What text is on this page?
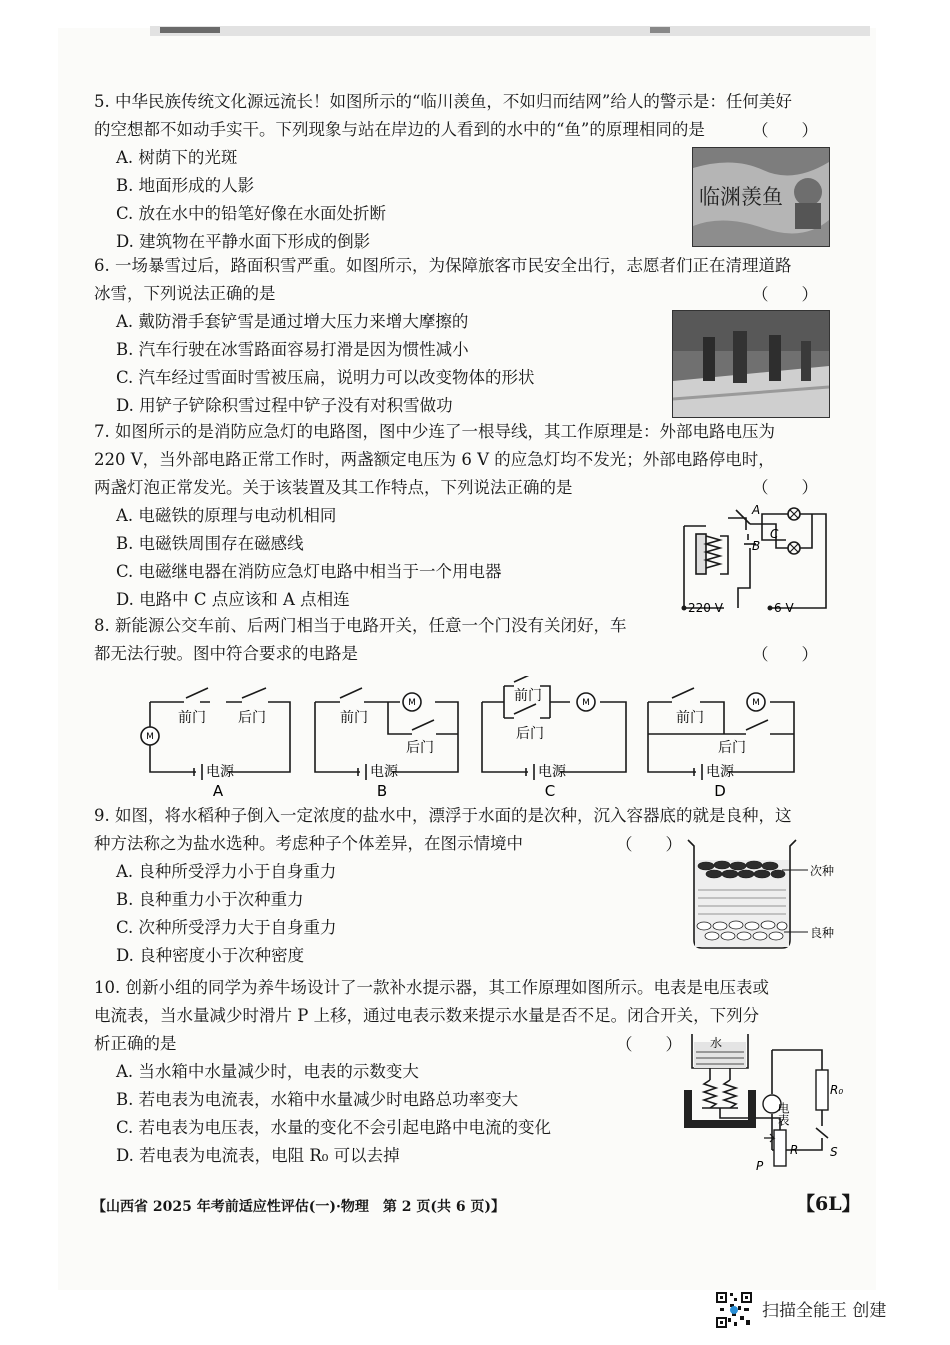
5. 中华民族传统文化源远流长！如图所示的“临川羡鱼，不如归而结网”给人的警示是：任何美好
的空想都不如动手实干。下列现象与站在岸边的人看到的水中的“鱼”的原理相同的是
A. 树荫下的光斑
B. 地面形成的人影
C. 放在水中的铅笔好像在水面处折断
D. 建筑物在平静水面下形成的倒影
（　　）
临渊羡鱼
6. 一场暴雪过后，路面积雪严重。如图所示，为保障旅客市民安全出行，志愿者们正在清理道路
冰雪，下列说法正确的是
A. 戴防滑手套铲雪是通过增大压力来增大摩擦的
B. 汽车行驶在冰雪路面容易打滑是因为惯性减小
C. 汽车经过雪面时雪被压扁，说明力可以改变物体的形状
D. 用铲子铲除积雪过程中铲子没有对积雪做功
（　　）
7. 如图所示的是消防应急灯的电路图，图中少连了一根导线，其工作原理是：外部电路电压为
220 V，当外部电路正常工作时，两盏额定电压为 6 V 的应急灯均不发光；外部电路停电时，
两盏灯泡正常发光。关于该装置及其工作特点，下列说法正确的是
A. 电磁铁的原理与电动机相同
B. 电磁铁周围存在磁感线
C. 电磁继电器在消防应急灯电路中相当于一个用电器
D. 电路中 C 点应该和 A 点相连
（　　）
A
B
C
220 V	6 V
8. 新能源公交车前、后两门相当于电路开关，任意一个门没有关闭好，车
都无法行驶。图中符合要求的电路是	（　　）
M
M	M	M
前门 后门
电源
前门
后门
电源
前门
后门
电源
前门
后门
电源
A	B	C	D
9. 如图，将水稻种子倒入一定浓度的盐水中，漂浮于水面的是次种，沉入容器底的就是良种，这
种方法称之为盐水选种。考虑种子个体差异，在图示情境中
A. 良种所受浮力小于自身重力
B. 良种重力小于次种重力
C. 次种所受浮力大于自身重力
D. 良种密度小于次种密度
（　　）
次种
良种
10. 创新小组的同学为养牛场设计了一款补水提示器，其工作原理如图所示。电表是电压表或
电流表，当水量减少时滑片 P 上移，通过电表示数来提示水量是否不足。闭合开关，下列分
析正确的是
A. 当水箱中水量减少时，电表的示数变大
B. 若电表为电流表，水箱中水量减少时电路总功率变大
C. 若电表为电压表，水量的变化不会引起电路中电流的变化
D. 若电表为电流表，电阻 R₀ 可以去掉
（　　） 水
电表
R₀
R	S
P
【山西省 2025 年考前适应性评估(一)·物理　第 2 页(共 6 页)】	【6L】
扫描全能王 创建
